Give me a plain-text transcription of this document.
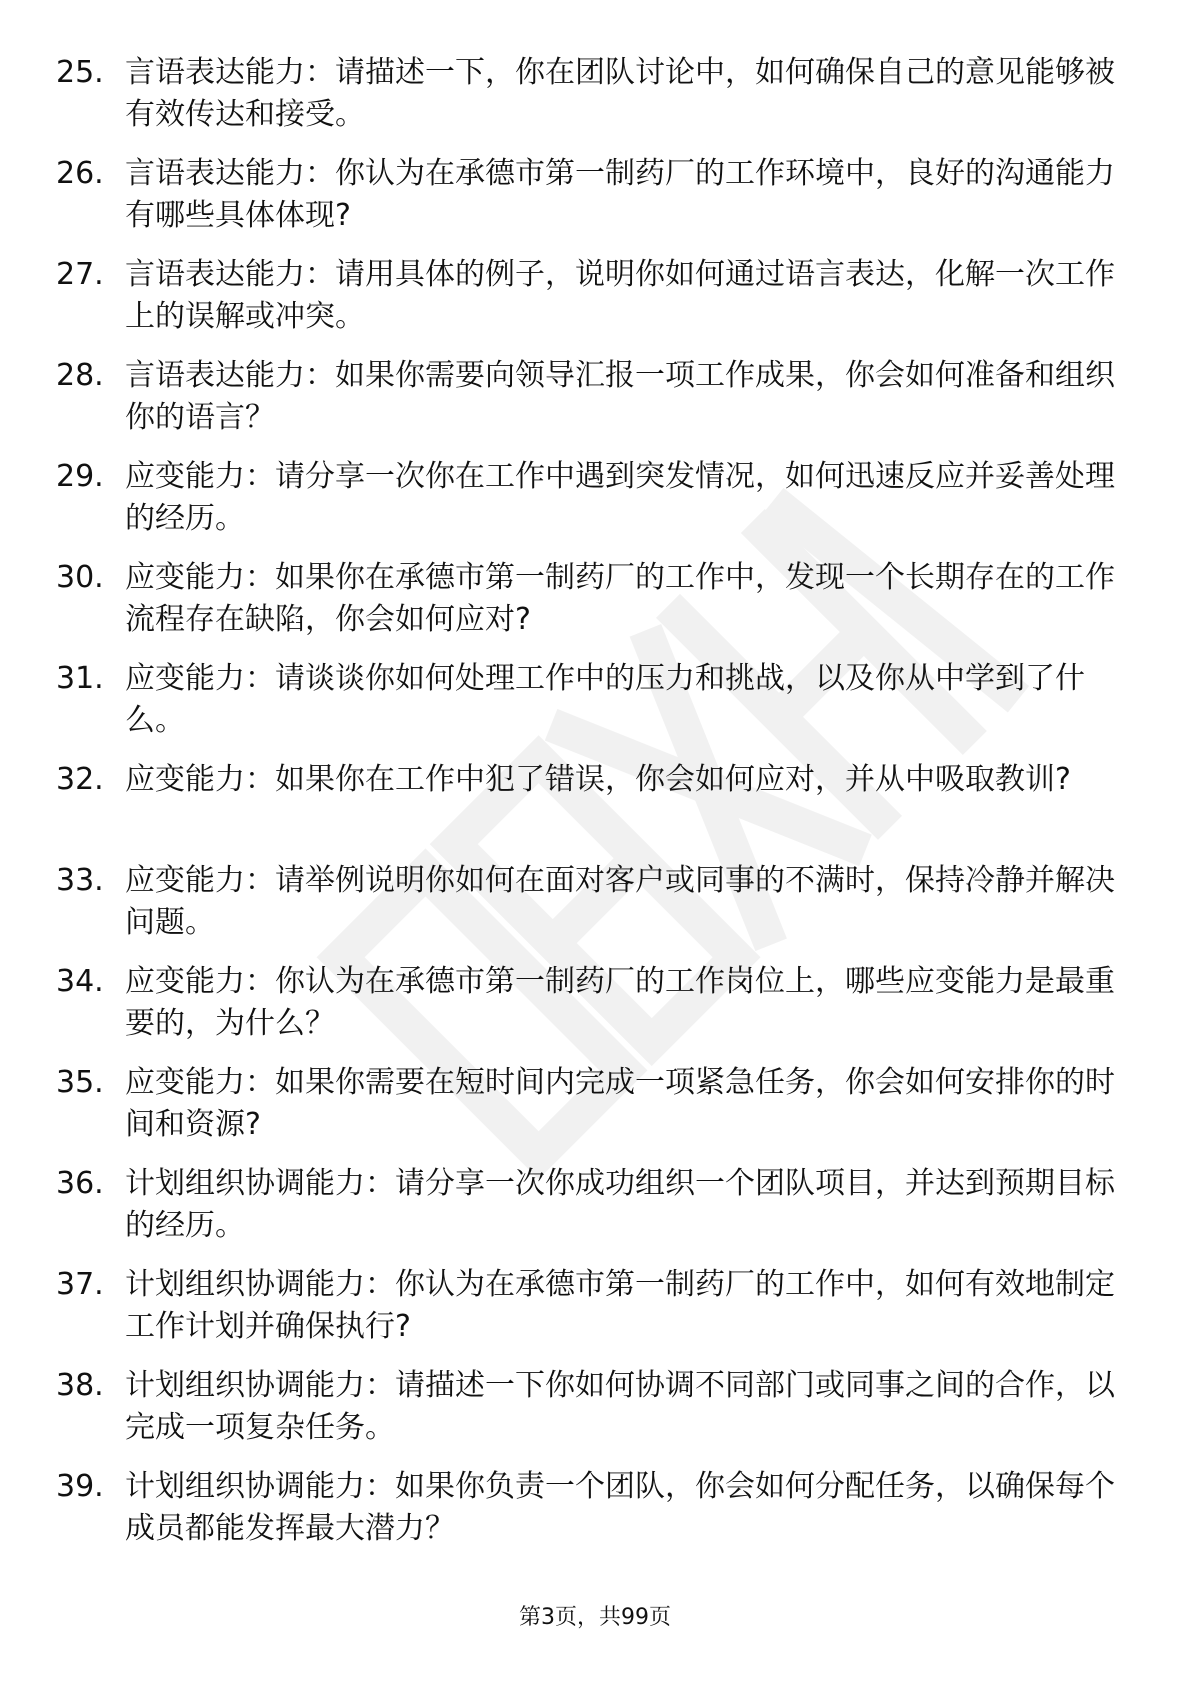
25. 言语表达能力：请描述一下，你在团队讨论中，如何确保自己的意见能够被有效传达和接受。

26. 言语表达能力：你认为在承德市第一制药厂的工作环境中，良好的沟通能力有哪些具体体现?

27. 言语表达能力：请用具体的例子，说明你如何通过语言表达，化解一次工作上的误解或冲突。

28. 言语表达能力：如果你需要向领导汇报一项工作成果，你会如何准备和组织你的语言？

29. 应变能力：请分享一次你在工作中遇到突发情况，如何迅速反应并妥善处理的经历。

30. 应变能力：如果你在承德市第一制药厂的工作中，发现一个长期存在的工作流程存在缺陷，你会如何应对?

31. 应变能力：请谈谈你如何处理工作中的压力和挑战，以及你从中学到了什么。

32. 应变能力：如果你在工作中犯了错误，你会如何应对，并从中吸取教训?

33. 应变能力：请举例说明你如何在面对客户或同事的不满时，保持冷静并解决问题。

34. 应变能力：你认为在承德市第一制药厂的工作岗位上，哪些应变能力是最重要的，为什么？

35. 应变能力：如果你需要在短时间内完成一项紧急任务，你会如何安排你的时间和资源?

36. 计划组织协调能力：请分享一次你成功组织一个团队项目，并达到预期目标的经历。

37. 计划组织协调能力：你认为在承德市第一制药厂的工作中，如何有效地制定工作计划并确保执行?

38. 计划组织协调能力：请描述一下你如何协调不同部门或同事之间的合作，以完成一项复杂任务。

39. 计划组织协调能力：如果你负责一个团队，你会如何分配任务，以确保每个成员都能发挥最大潜力？

第3页，共99页
